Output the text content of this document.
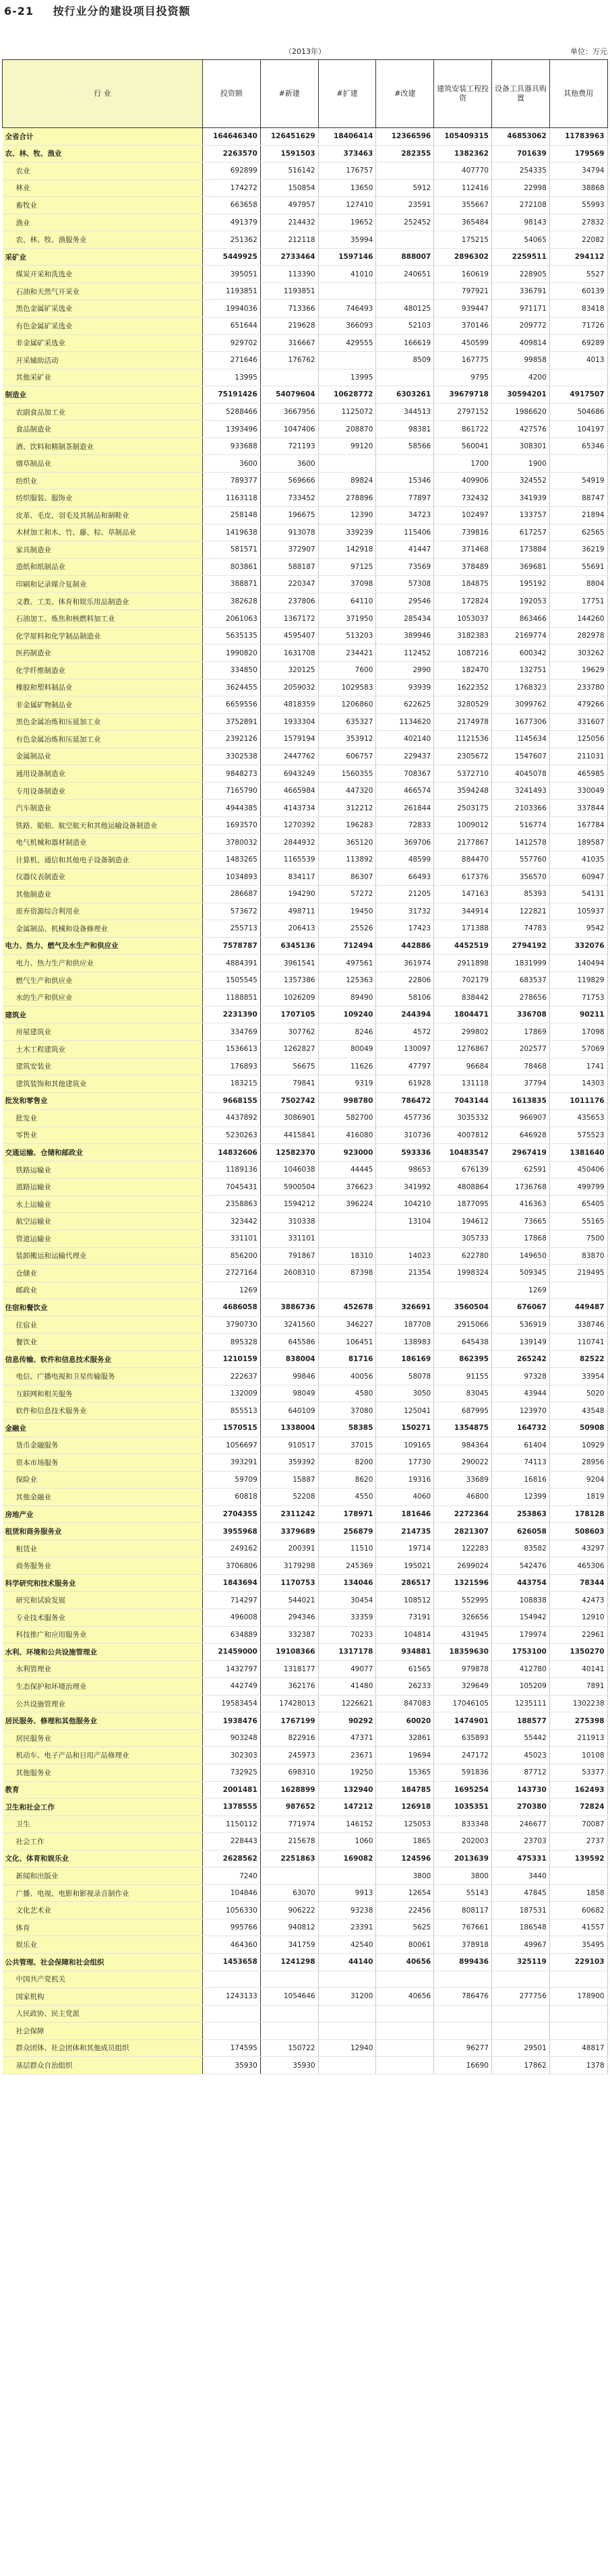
6-21 按行业分的建设项目投资额
（2013年）	单位：万元
行 业	投资额	#新建	#扩建	#改建	建筑安装工程投资	设备工具器具购置	其他费用
全省合计	164646340	126451629	18406414	12366596	105409315	46853062	11783963
农、林、牧、渔业	2263570	1591503	373463	282355	1382362	701639	179569
农业	692899	516142	176757		407770	254335	34794
林业	174272	150854	13650	5912	112416	22998	38868
畜牧业	663658	497957	127410	23591	355667	272108	55993
渔业	491379	214432	19652	252452	365484	98143	27832
农、林、牧、渔服务业	251362	212118	35994		175215	54065	22082
采矿业	5449925	2733464	1597146	888007	2896302	2259511	294112
煤炭开采和洗选业	395051	113390	41010	240651	160619	228905	5527
石油和天然气开采业	1193851	1193851			797921	336791	60139
黑色金属矿采选业	1994036	713366	746493	480125	939447	971171	83418
有色金属矿采选业	651644	219628	366093	52103	370146	209772	71726
非金属矿采选业	929702	316667	429555	166619	450599	409814	69289
开采辅助活动	271646	176762		8509	167775	99858	4013
其他采矿业	13995		13995		9795	4200	
制造业	75191426	54079604	10628772	6303261	39679718	30594201	4917507
农副食品加工业	5288466	3667956	1125072	344513	2797152	1986620	504686
食品制造业	1393496	1047406	208870	98381	861722	427576	104197
酒、饮料和精制茶制造业	933688	721193	99120	58566	560041	308301	65346
烟草制品业	3600	3600			1700	1900	
纺织业	789377	569666	89824	15346	409906	324552	54919
纺织服装、服饰业	1163118	733452	278896	77897	732432	341939	88747
皮革、毛皮、羽毛及其制品和制鞋业	258148	196675	12390	34723	102497	133757	21894
木材加工和木、竹、藤、棕、草制品业	1419638	913078	339239	115406	739816	617257	62565
家具制造业	581571	372907	142918	41447	371468	173884	36219
造纸和纸制品业	803861	588187	97125	73569	378489	369681	55691
印刷和记录媒介复制业	388871	220347	37098	57308	184875	195192	8804
文教、工美、体育和娱乐用品制造业	382628	237806	64110	29546	172824	192053	17751
石油加工、炼焦和核燃料加工业	2061063	1367172	371950	285434	1053037	863466	144260
化学原料和化学制品制造业	5635135	4595407	513203	389946	3182383	2169774	282978
医药制造业	1990820	1631708	234421	112452	1087216	600342	303262
化学纤维制造业	334850	320125	7600	2990	182470	132751	19629
橡胶和塑料制品业	3624455	2059032	1029583	93939	1622352	1768323	233780
非金属矿物制品业	6659556	4818359	1206860	622625	3280529	3099762	479266
黑色金属冶炼和压延加工业	3752891	1933304	635327	1134620	2174978	1677306	331607
有色金属冶炼和压延加工业	2392126	1579194	353912	402140	1121536	1145634	125056
金属制品业	3302538	2447762	606757	229437	2305672	1547607	211031
通用设备制造业	9848273	6943249	1560355	708367	5372710	4045078	465985
专用设备制造业	7165790	4665984	447320	466574	3594248	3241493	330049
汽车制造业	4944385	4143734	312212	261844	2503175	2103366	337844
铁路、船舶、航空航天和其他运输设备制造业	1693570	1270392	196283	72833	1009012	516774	167784
电气机械和器材制造业	3780032	2844932	365120	369706	2177867	1412578	189587
计算机、通信和其他电子设备制造业	1483265	1165539	113892	48599	884470	557760	41035
仪器仪表制造业	1034893	834117	86307	66493	617376	356570	60947
其他制造业	286687	194290	57272	21205	147163	85393	54131
废弃资源综合利用业	573672	498711	19450	31732	344914	122821	105937
金属制品、机械和设备修理业	255713	206413	25526	17423	171388	74783	9542
电力、热力、燃气及水生产和供应业	7578787	6345136	712494	442886	4452519	2794192	332076
电力、热力生产和供应业	4884391	3961541	497561	361974	2911898	1831999	140494
燃气生产和供应业	1505545	1357386	125363	22806	702179	683537	119829
水的生产和供应业	1188851	1026209	89490	58106	838442	278656	71753
建筑业	2231390	1707105	109240	244394	1804471	336708	90211
房屋建筑业	334769	307762	8246	4572	299802	17869	17098
土木工程建筑业	1536613	1262827	80049	130097	1276867	202577	57069
建筑安装业	176893	56675	11626	47797	96684	78468	1741
建筑装饰和其他建筑业	183215	79841	9319	61928	131118	37794	14303
批发和零售业	9668155	7502742	998780	786472	7043144	1613835	1011176
批发业	4437892	3086901	582700	457736	3035332	966907	435653
零售业	5230263	4415841	416080	310736	4007812	646928	575523
交通运输、仓储和邮政业	14832606	12582370	923000	593336	10483547	2967419	1381640
铁路运输业	1189136	1046038	44445	98653	676139	62591	450406
道路运输业	7045431	5900504	376623	341992	4808864	1736768	499799
水上运输业	2358863	1594212	396224	104210	1877095	416363	65405
航空运输业	323442	310338		13104	194612	73665	55165
管道运输业	331101	331101			305733	17868	7500
装卸搬运和运输代理业	856200	791867	18310	14023	622780	149650	83870
仓储业	2727164	2608310	87398	21354	1998324	509345	219495
邮政业	1269					1269	
住宿和餐饮业	4686058	3886736	452678	326691	3560504	676067	449487
住宿业	3790730	3241560	346227	187708	2915066	536919	338746
餐饮业	895328	645586	106451	138983	645438	139149	110741
信息传输、软件和信息技术服务业	1210159	838004	81716	186169	862395	265242	82522
电信、广播电视和卫星传输服务	222637	99846	40056	58078	91155	97328	33954
互联网和相关服务	132009	98049	4580	3050	83045	43944	5020
软件和信息技术服务业	855513	640109	37080	125041	687995	123970	43548
金融业	1570515	1338004	58385	150271	1354875	164732	50908
货币金融服务	1056697	910517	37015	109165	984364	61404	10929
资本市场服务	393291	359392	8200	17730	290022	74113	28956
保险业	59709	15887	8620	19316	33689	16816	9204
其他金融业	60818	52208	4550	4060	46800	12399	1819
房地产业	2704355	2311242	178971	181646	2272364	253863	178128
租赁和商务服务业	3955968	3379689	256879	214735	2821307	626058	508603
租赁业	249162	200391	11510	19714	122283	83582	43297
商务服务业	3706806	3179298	245369	195021	2699024	542476	465306
科学研究和技术服务业	1843694	1170753	134046	286517	1321596	443754	78344
研究和试验发展	714297	544021	30454	108512	552995	108838	42473
专业技术服务业	496008	294346	33359	73191	326656	154942	12910
科技推广和应用服务业	634889	332387	70233	104814	431945	179974	22961
水利、环境和公共设施管理业	21459000	19108366	1317178	934881	18359630	1753100	1350270
水利管理业	1432797	1318177	49077	61565	979878	412780	40141
生态保护和环境治理业	442749	362176	41480	26233	329649	105209	7891
公共设施管理业	19583454	17428013	1226621	847083	17046105	1235111	1302238
居民服务、修理和其他服务业	1938476	1767199	90292	60020	1474901	188577	275398
居民服务业	903248	822916	47371	32861	635893	55442	211913
机动车、电子产品和日用产品修理业	302303	245973	23671	19694	247172	45023	10108
其他服务业	732925	698310	19250	15365	591836	87712	53377
教育	2001481	1628899	132940	184785	1695254	143730	162493
卫生和社会工作	1378555	987652	147212	126918	1035351	270380	72824
卫生	1150112	771974	146152	125053	833348	246677	70087
社会工作	228443	215678	1060	1865	202003	23703	2737
文化、体育和娱乐业	2628562	2251863	169082	124596	2013639	475331	139592
新闻和出版业	7240			3800	3800	3440	
广播、电视、电影和影视录音制作业	104846	63070	9913	12654	55143	47845	1858
文化艺术业	1056330	906222	93238	22456	808117	187531	60682
体育	995766	940812	23391	5625	767661	186548	41557
娱乐业	464360	341759	42540	80061	378918	49967	35495
公共管理、社会保障和社会组织	1453658	1241298	44140	40656	899436	325119	229103
中国共产党机关							
国家机构	1243133	1054646	31200	40656	786476	277756	178900
人民政协、民主党派							
社会保障							
群众团体、社会团体和其他成员组织	174595	150722	12940		96277	29501	48817
基层群众自治组织	35930	35930			16690	17862	1378
